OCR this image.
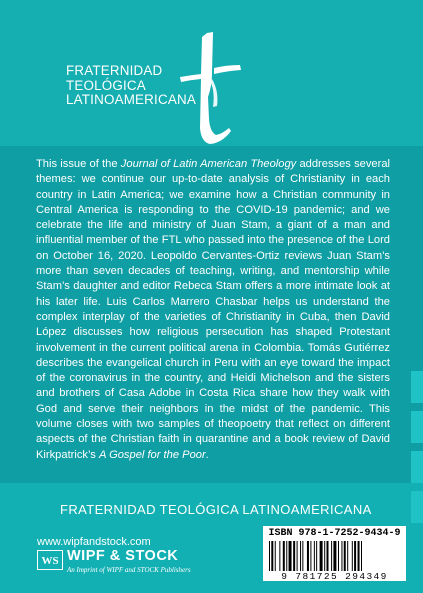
FRATERNIDAD
TEOLÓGICA
LATINOAMERICANA
This issue of the Journal of Latin American Theology addresses several themes: we continue our up-to-date analysis of Christianity in each country in Latin America; we examine how a Christian community in Central America is responding to the COVID-19 pandemic; and we celebrate the life and ministry of Juan Stam, a giant of a man and influential member of the FTL who passed into the presence of the Lord on October 16, 2020. Leopoldo Cervantes-Ortiz reviews Juan Stam’s more than seven decades of teaching, writing, and mentorship while Stam’s daughter and editor Rebeca Stam offers a more intimate look at his later life. Luis Carlos Marrero Chasbar helps us understand the complex interplay of the varieties of Christianity in Cuba, then David López discusses how religious persecution has shaped Protestant involvement in the current political arena in Colombia. Tomás Gutiérrez describes the evangelical church in Peru with an eye toward the impact of the coronavirus in the country, and Heidi Michelson and the sisters and brothers of Casa Adobe in Costa Rica share how they walk with God and serve their neighbors in the midst of the pandemic. This volume closes with two samples of theopoetry that reflect on different aspects of the Christian faith in quarantine and a book review of David Kirkpatrick’s A Gospel for the Poor.
FRATERNIDAD TEOLÓGICA LATINOAMERICANA
www.wipfandstock.com
WS WIPF & STOCK
An Imprint of WIPF and STOCK Publishers
ISBN 978-1-7252-9434-9
9 781725 294349
